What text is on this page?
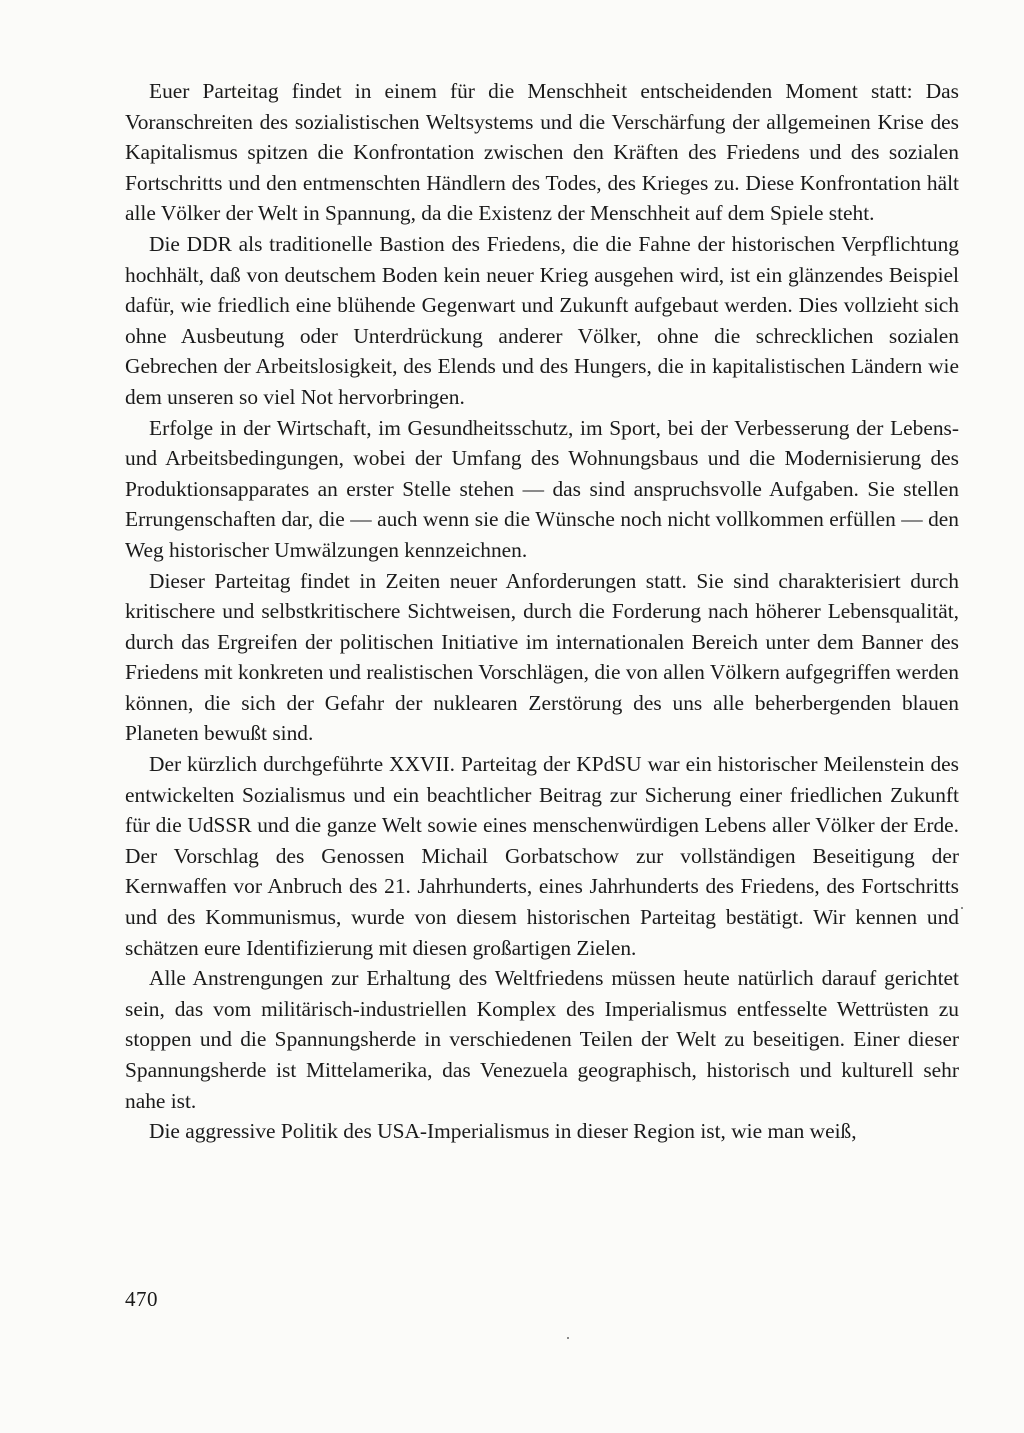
Euer Parteitag findet in einem für die Menschheit entscheidenden Moment statt: Das Voranschreiten des sozialistischen Weltsystems und die Verschärfung der allgemeinen Krise des Kapitalismus spitzen die Konfrontation zwischen den Kräften des Friedens und des sozialen Fortschritts und den entmenschten Händlern des Todes, des Krieges zu. Diese Konfrontation hält alle Völker der Welt in Spannung, da die Existenz der Menschheit auf dem Spiele steht.

Die DDR als traditionelle Bastion des Friedens, die die Fahne der historischen Verpflichtung hochhält, daß von deutschem Boden kein neuer Krieg ausgehen wird, ist ein glänzendes Beispiel dafür, wie friedlich eine blühende Gegenwart und Zukunft aufgebaut werden. Dies vollzieht sich ohne Ausbeutung oder Unterdrückung anderer Völker, ohne die schrecklichen sozialen Gebrechen der Arbeitslosigkeit, des Elends und des Hungers, die in kapitalistischen Ländern wie dem unseren so viel Not hervorbringen.

Erfolge in der Wirtschaft, im Gesundheitsschutz, im Sport, bei der Verbesserung der Lebens- und Arbeitsbedingungen, wobei der Umfang des Wohnungsbaus und die Modernisierung des Produktionsapparates an erster Stelle stehen — das sind anspruchsvolle Aufgaben. Sie stellen Errungenschaften dar, die — auch wenn sie die Wünsche noch nicht vollkommen erfüllen — den Weg historischer Umwälzungen kennzeichnen.

Dieser Parteitag findet in Zeiten neuer Anforderungen statt. Sie sind charakterisiert durch kritischere und selbstkritischere Sichtweisen, durch die Forderung nach höherer Lebensqualität, durch das Ergreifen der politischen Initiative im internationalen Bereich unter dem Banner des Friedens mit konkreten und realistischen Vorschlägen, die von allen Völkern aufgegriffen werden können, die sich der Gefahr der nuklearen Zerstörung des uns alle beherbergenden blauen Planeten bewußt sind.

Der kürzlich durchgeführte XXVII. Parteitag der KPdSU war ein historischer Meilenstein des entwickelten Sozialismus und ein beachtlicher Beitrag zur Sicherung einer friedlichen Zukunft für die UdSSR und die ganze Welt sowie eines menschenwürdigen Lebens aller Völker der Erde. Der Vorschlag des Genossen Michail Gorbatschow zur vollständigen Beseitigung der Kernwaffen vor Anbruch des 21. Jahrhunderts, eines Jahrhunderts des Friedens, des Fortschritts und des Kommunismus, wurde von diesem historischen Parteitag bestätigt. Wir kennen und schätzen eure Identifizierung mit diesen großartigen Zielen.

Alle Anstrengungen zur Erhaltung des Weltfriedens müssen heute natürlich darauf gerichtet sein, das vom militärisch-industriellen Komplex des Imperialismus entfesselte Wettrüsten zu stoppen und die Spannungsherde in verschiedenen Teilen der Welt zu beseitigen. Einer dieser Spannungsherde ist Mittelamerika, das Venezuela geographisch, historisch und kulturell sehr nahe ist.

Die aggressive Politik des USA-Imperialismus in dieser Region ist, wie man weiß,

470
